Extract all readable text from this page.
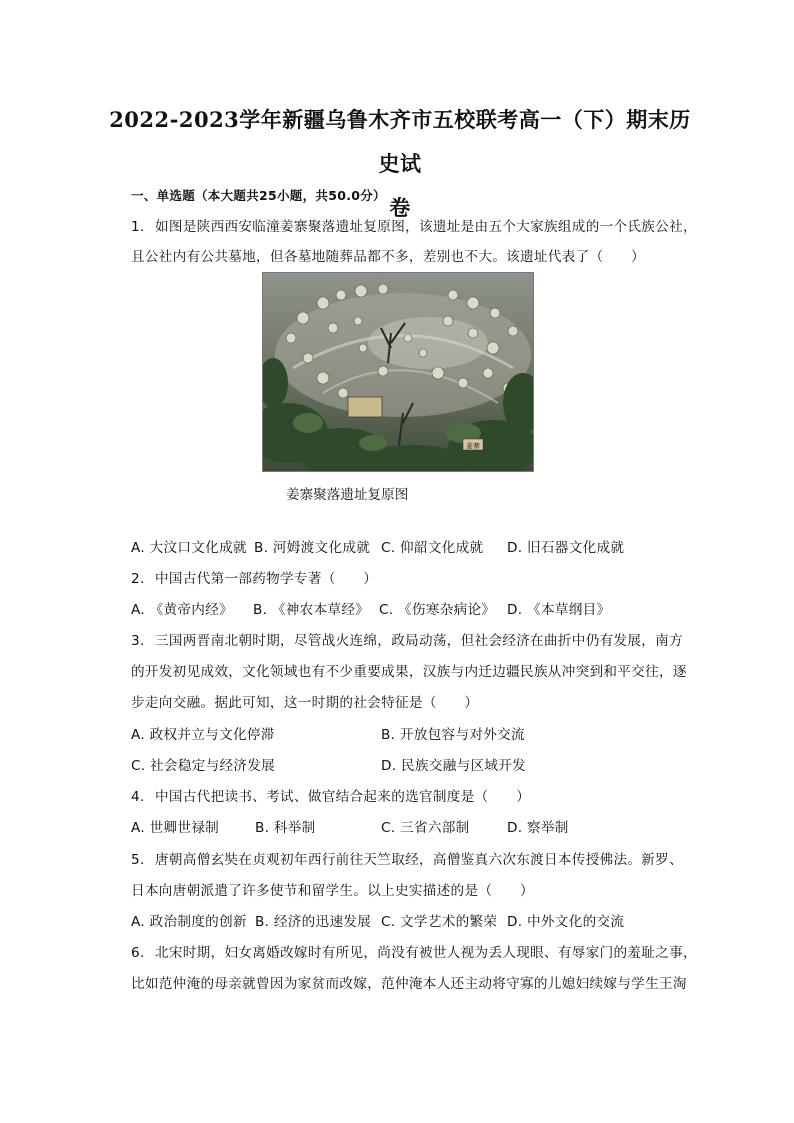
2022-2023学年新疆乌鲁木齐市五校联考高一（下）期末历史试
卷
一、单选题（本大题共25小题，共50.0分）
1. 如图是陕西西安临潼姜寨聚落遗址复原图，该遗址是由五个大家族组成的一个氏族公社，
且公社内有公共墓地，但各墓地随葬品都不多，差别也不大。该遗址代表了（　　）
姜寨
姜寨聚落遗址复原图
A. 大汶口文化成就 B. 河姆渡文化成就 C. 仰韶文化成就 D. 旧石器文化成就
2. 中国古代第一部药物学专著（　　）
A. 《黄帝内经》 B. 《神农本草经》 C. 《伤寒杂病论》 D. 《本草纲目》
3. 三国两晋南北朝时期，尽管战火连绵，政局动荡，但社会经济在曲折中仍有发展，南方
的开发初见成效，文化领域也有不少重要成果，汉族与内迁边疆民族从冲突到和平交往，逐
步走向交融。据此可知，这一时期的社会特征是（　　）
A. 政权并立与文化停滞	B. 开放包容与对外交流
C. 社会稳定与经济发展	D. 民族交融与区域开发
4. 中国古代把读书、考试、做官结合起来的选官制度是（　　）
A. 世卿世禄制	B. 科举制	C. 三省六部制	D. 察举制
5. 唐朝高僧玄奘在贞观初年西行前往天竺取经，高僧鉴真六次东渡日本传授佛法。新罗、
日本向唐朝派遣了许多使节和留学生。以上史实描述的是（　　）
A. 政治制度的创新 B. 经济的迅速发展 C. 文学艺术的繁荣 D. 中外文化的交流
6. 北宋时期，妇女离婚改嫁时有所见，尚没有被世人视为丢人现眼、有辱家门的羞耻之事，
比如范仲淹的母亲就曾因为家贫而改嫁，范仲淹本人还主动将守寡的儿媳妇续嫁与学生王淘
